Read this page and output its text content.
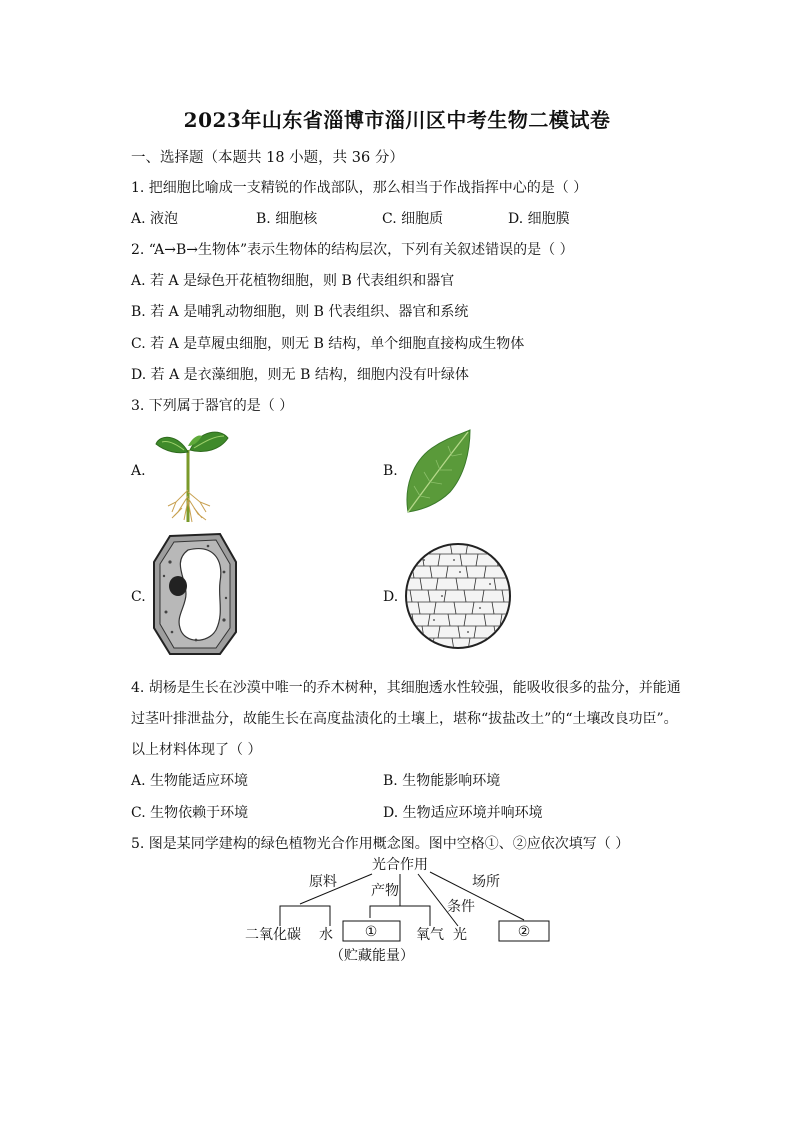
2023年山东省淄博市淄川区中考生物二模试卷
一、选择题（本题共 18 小题，共 36 分）
1. 把细胞比喻成一支精锐的作战部队，那么相当于作战指挥中心的是（ ）
A. 液泡	B. 细胞核	C. 细胞质	D. 细胞膜
2. “A→B→生物体”表示生物体的结构层次，下列有关叙述错误的是（ ）
A. 若 A 是绿色开花植物细胞，则 B 代表组织和器官
B. 若 A 是哺乳动物细胞，则 B 代表组织、器官和系统
C. 若 A 是草履虫细胞，则无 B 结构，单个细胞直接构成生物体
D. 若 A 是衣藻细胞，则无 B 结构，细胞内没有叶绿体
3. 下列属于器官的是（ ）
A.	B.
C.	D.
4. 胡杨是生长在沙漠中唯一的乔木树种，其细胞透水性较强，能吸收很多的盐分，并能通
过茎叶排泄盐分，故能生长在高度盐渍化的土壤上，堪称“拔盐改土”的“土壤改良功臣”。
以上材料体现了（ ）
A. 生物能适应环境	B. 生物能影响环境
C. 生物依赖于环境	D. 生物适应环境并响环境
5. 图是某同学建构的绿色植物光合作用概念图。图中空格①、②应依次填写（ ）
光合作用
原料
产物
条件
场所
二氧化碳 水 ①	氧气 光	②
（贮藏能量）
